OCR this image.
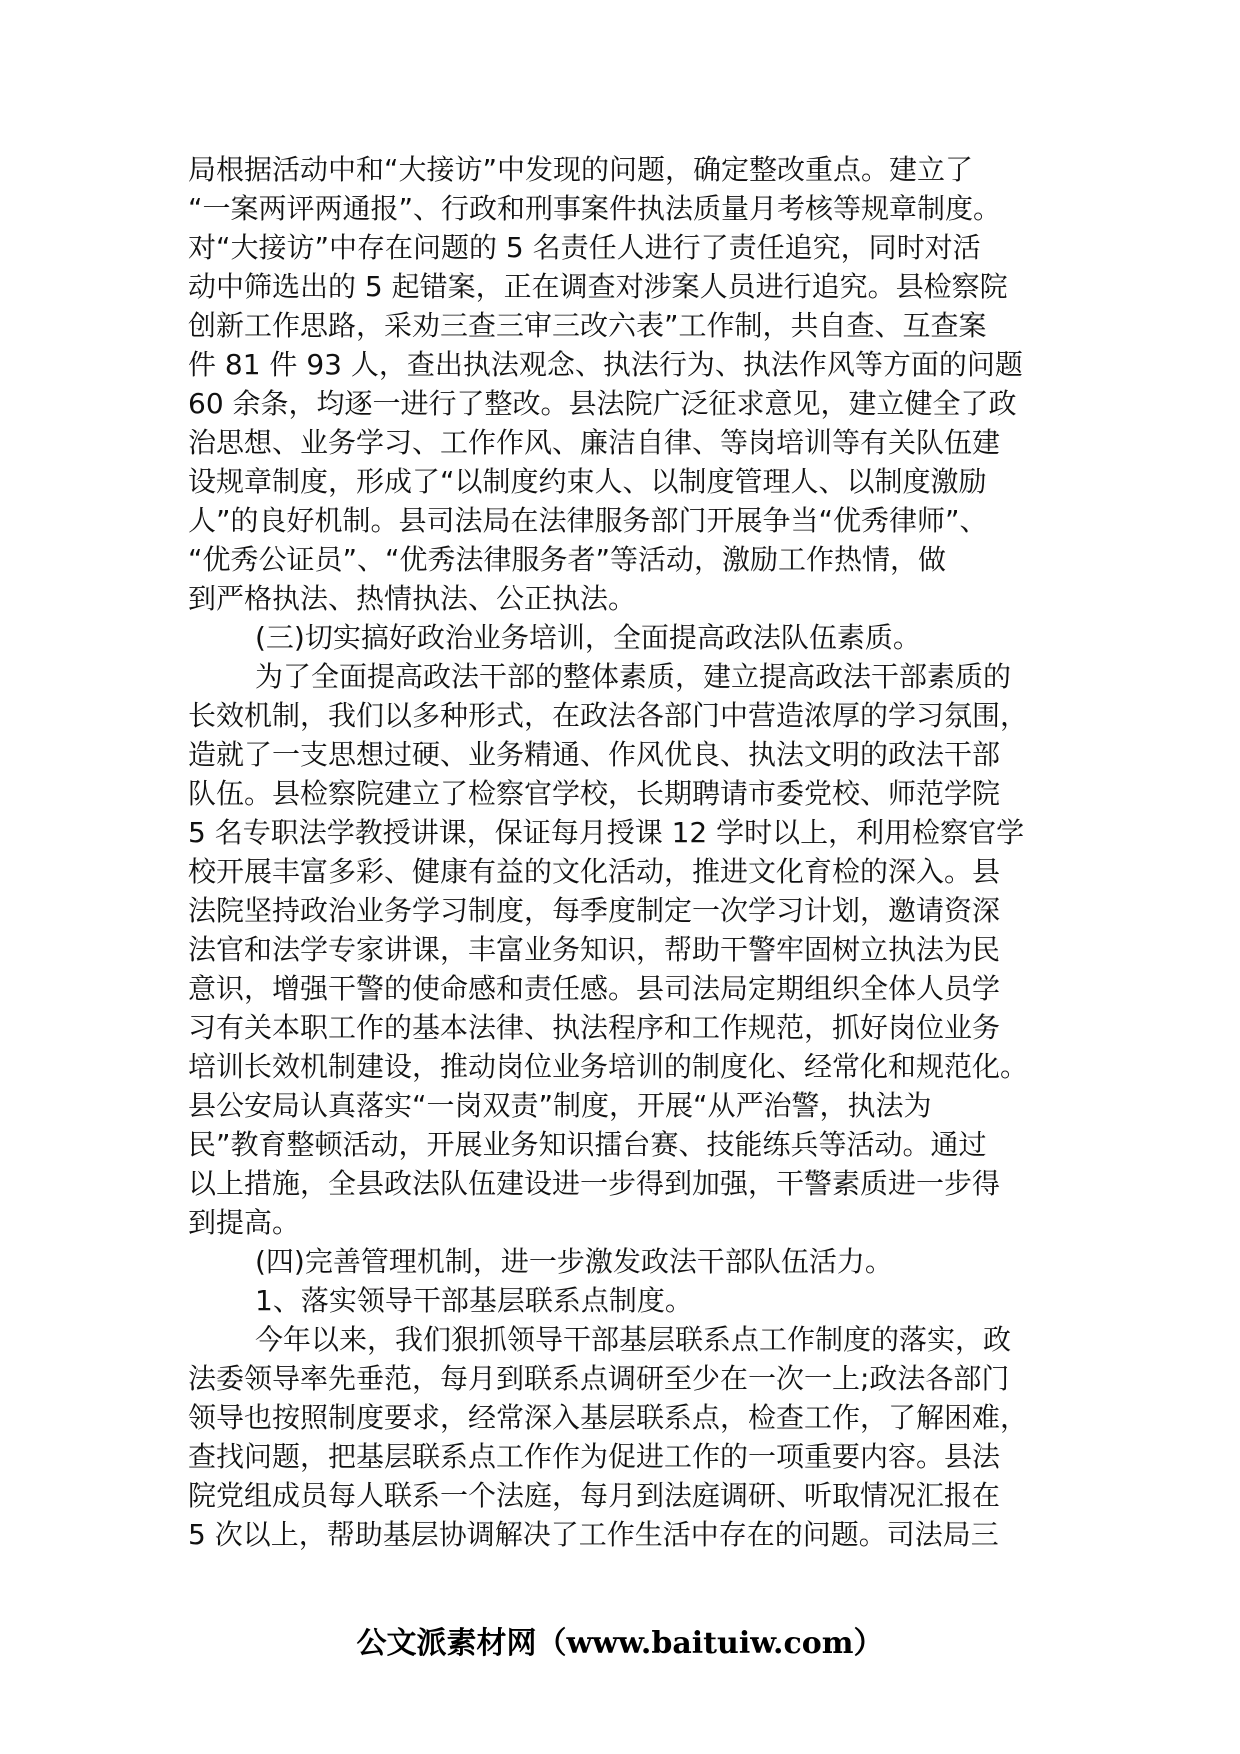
局根据活动中和“大接访”中发现的问题，确定整改重点。建立了
“一案两评两通报”、行政和刑事案件执法质量月考核等规章制度。
对“大接访”中存在问题的 5 名责任人进行了责任追究，同时对活
动中筛选出的 5 起错案，正在调查对涉案人员进行追究。县检察院
创新工作思路，采劝三查三审三改六表”工作制，共自查、互查案
件 81 件 93 人，查出执法观念、执法行为、执法作风等方面的问题
60 余条，均逐一进行了整改。县法院广泛征求意见，建立健全了政
治思想、业务学习、工作作风、廉洁自律、等岗培训等有关队伍建
设规章制度，形成了“以制度约束人、以制度管理人、以制度激励
人”的良好机制。县司法局在法律服务部门开展争当“优秀律师”、
“优秀公证员”、“优秀法律服务者”等活动，激励工作热情，做
到严格执法、热情执法、公正执法。
(三)切实搞好政治业务培训，全面提高政法队伍素质。
为了全面提高政法干部的整体素质，建立提高政法干部素质的
长效机制，我们以多种形式，在政法各部门中营造浓厚的学习氛围，
造就了一支思想过硬、业务精通、作风优良、执法文明的政法干部
队伍。县检察院建立了检察官学校，长期聘请市委党校、师范学院
5 名专职法学教授讲课，保证每月授课 12 学时以上，利用检察官学
校开展丰富多彩、健康有益的文化活动，推进文化育检的深入。县
法院坚持政治业务学习制度，每季度制定一次学习计划，邀请资深
法官和法学专家讲课，丰富业务知识，帮助干警牢固树立执法为民
意识，增强干警的使命感和责任感。县司法局定期组织全体人员学
习有关本职工作的基本法律、执法程序和工作规范，抓好岗位业务
培训长效机制建设，推动岗位业务培训的制度化、经常化和规范化。
县公安局认真落实“一岗双责”制度，开展“从严治警，执法为
民”教育整顿活动，开展业务知识擂台赛、技能练兵等活动。通过
以上措施，全县政法队伍建设进一步得到加强，干警素质进一步得
到提高。
(四)完善管理机制，进一步激发政法干部队伍活力。
1、落实领导干部基层联系点制度。
今年以来，我们狠抓领导干部基层联系点工作制度的落实，政
法委领导率先垂范，每月到联系点调研至少在一次一上;政法各部门
领导也按照制度要求，经常深入基层联系点，检查工作，了解困难，
查找问题，把基层联系点工作作为促进工作的一项重要内容。县法
院党组成员每人联系一个法庭，每月到法庭调研、听取情况汇报在
5 次以上，帮助基层协调解决了工作生活中存在的问题。司法局三
公文派素材网（www.baituiw.com）
